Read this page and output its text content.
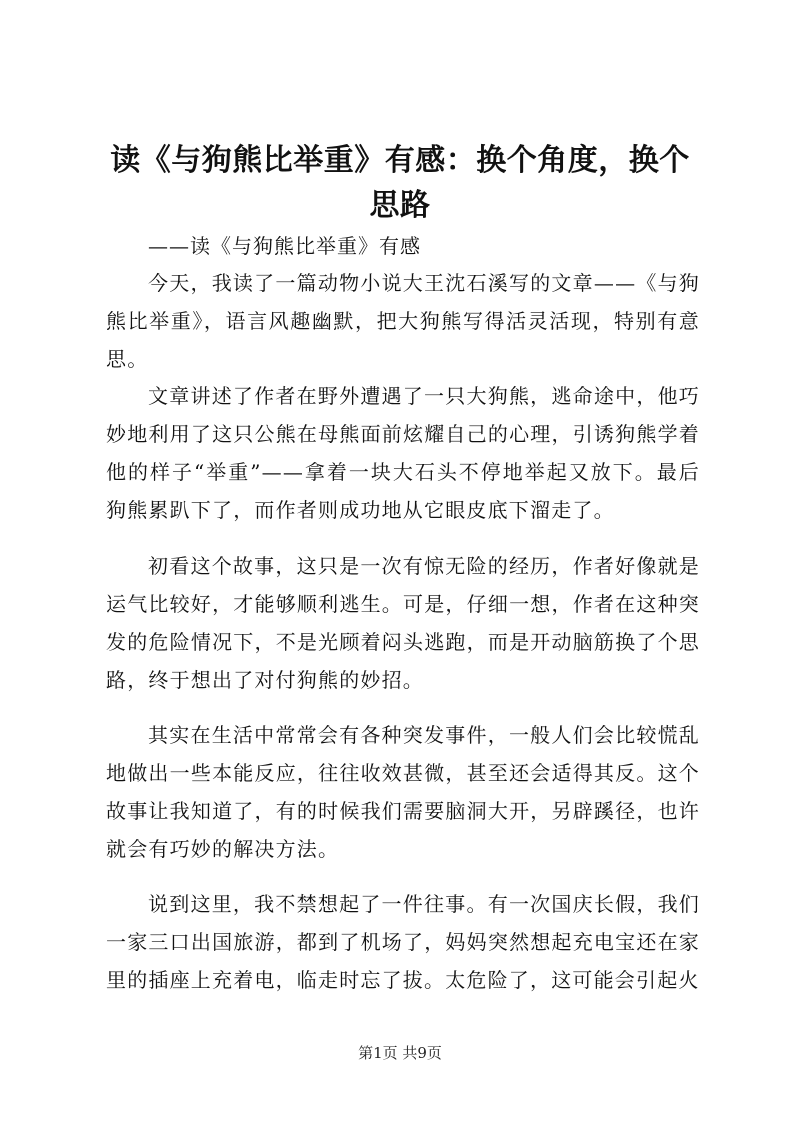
读《与狗熊比举重》有感：换个角度，换个思路

——读《与狗熊比举重》有感

今天，我读了一篇动物小说大王沈石溪写的文章——《与狗熊比举重》，语言风趣幽默，把大狗熊写得活灵活现，特别有意思。

文章讲述了作者在野外遭遇了一只大狗熊，逃命途中，他巧妙地利用了这只公熊在母熊面前炫耀自己的心理，引诱狗熊学着他的样子“举重”——拿着一块大石头不停地举起又放下。最后狗熊累趴下了，而作者则成功地从它眼皮底下溜走了。

初看这个故事，这只是一次有惊无险的经历，作者好像就是运气比较好，才能够顺利逃生。可是，仔细一想，作者在这种突发的危险情况下，不是光顾着闷头逃跑，而是开动脑筋换了个思路，终于想出了对付狗熊的妙招。

其实在生活中常常会有各种突发事件，一般人们会比较慌乱地做出一些本能反应，往往收效甚微，甚至还会适得其反。这个故事让我知道了，有的时候我们需要脑洞大开，另辟蹊径，也许就会有巧妙的解决方法。

说到这里，我不禁想起了一件往事。有一次国庆长假，我们一家三口出国旅游，都到了机场了，妈妈突然想起充电宝还在家里的插座上充着电，临走时忘了拔。太危险了，这可能会引起火

第1页 共9页
